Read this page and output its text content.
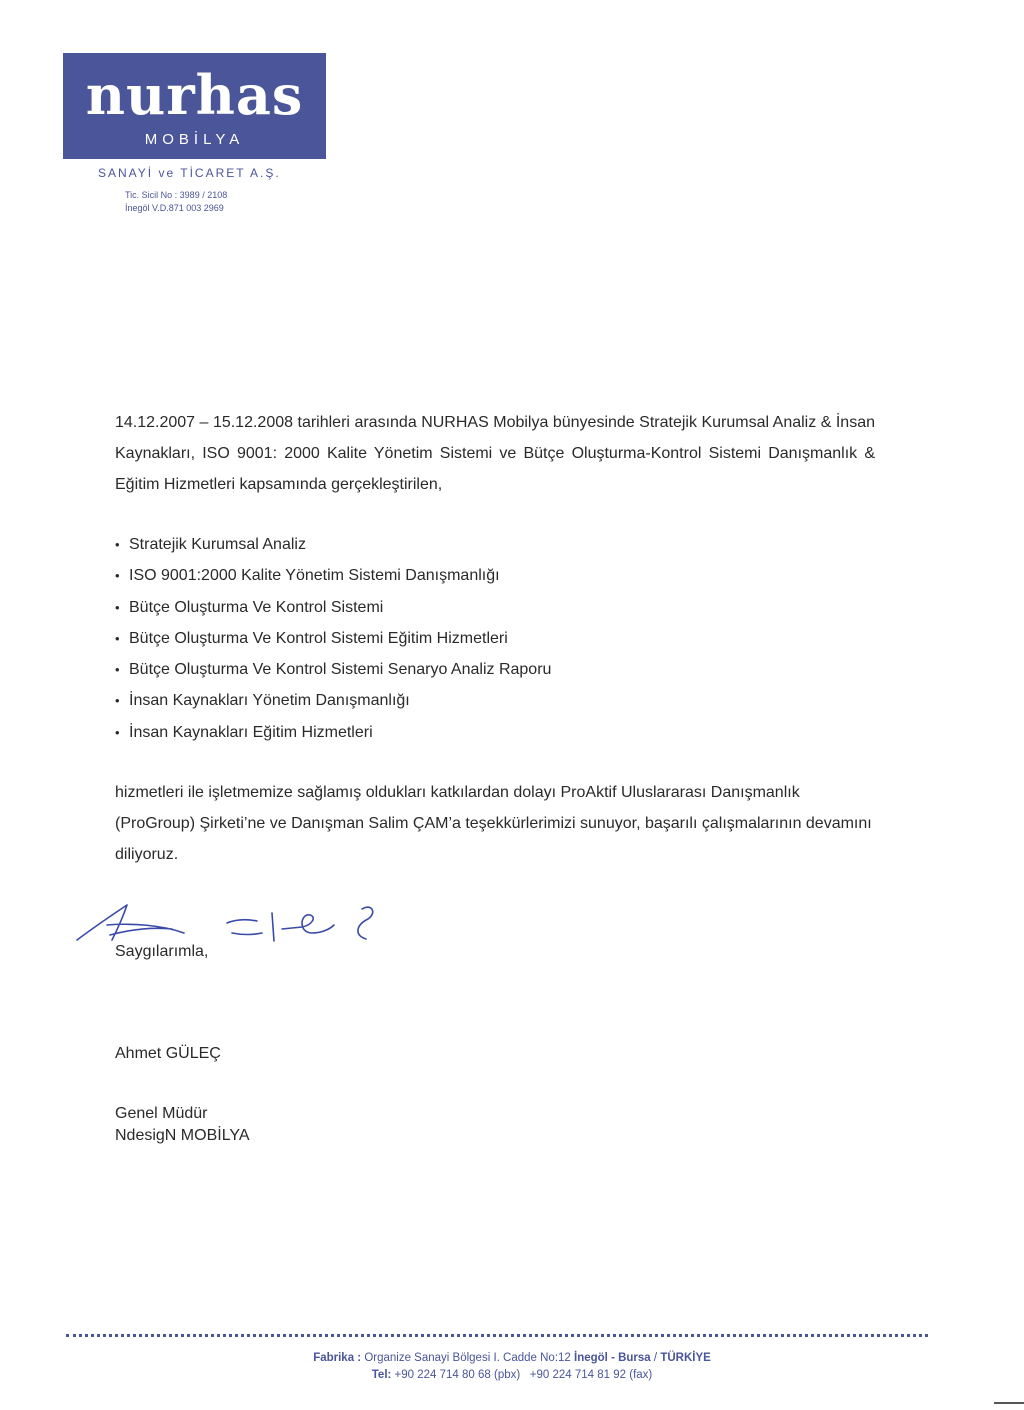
nurhas
MOBİLYA
SANAYİ ve TİCARET A.Ş.
Tic. Sicil No : 3989 / 2108
İnegöl V.D.871 003 2969
14.12.2007 – 15.12.2008 tarihleri arasında NURHAS Mobilya bünyesinde Stratejik Kurumsal Analiz & İnsan Kaynakları, ISO 9001: 2000 Kalite Yönetim Sistemi ve Bütçe Oluşturma-Kontrol Sistemi Danışmanlık & Eğitim Hizmetleri kapsamında gerçekleştirilen,
• Stratejik Kurumsal Analiz
• ISO 9001:2000 Kalite Yönetim Sistemi Danışmanlığı
• Bütçe Oluşturma Ve Kontrol Sistemi
• Bütçe Oluşturma Ve Kontrol Sistemi Eğitim Hizmetleri
• Bütçe Oluşturma Ve Kontrol Sistemi Senaryo Analiz Raporu
• İnsan Kaynakları Yönetim Danışmanlığı
• İnsan Kaynakları Eğitim Hizmetleri
hizmetleri ile işletmemize sağlamış oldukları katkılardan dolayı ProAktif Uluslararası Danışmanlık (ProGroup) Şirketi’ne ve Danışman Salim ÇAM’a teşekkürlerimizi sunuyor, başarılı çalışmalarının devamını diliyoruz.
Saygılarımla,
Ahmet GÜLEÇ
Genel Müdür
NdesigN MOBİLYA
Fabrika : Organize Sanayi Bölgesi I. Cadde No:12 İnegöl - Bursa / TÜRKİYE
Tel: +90 224 714 80 68 (pbx) +90 224 714 81 92 (fax)
